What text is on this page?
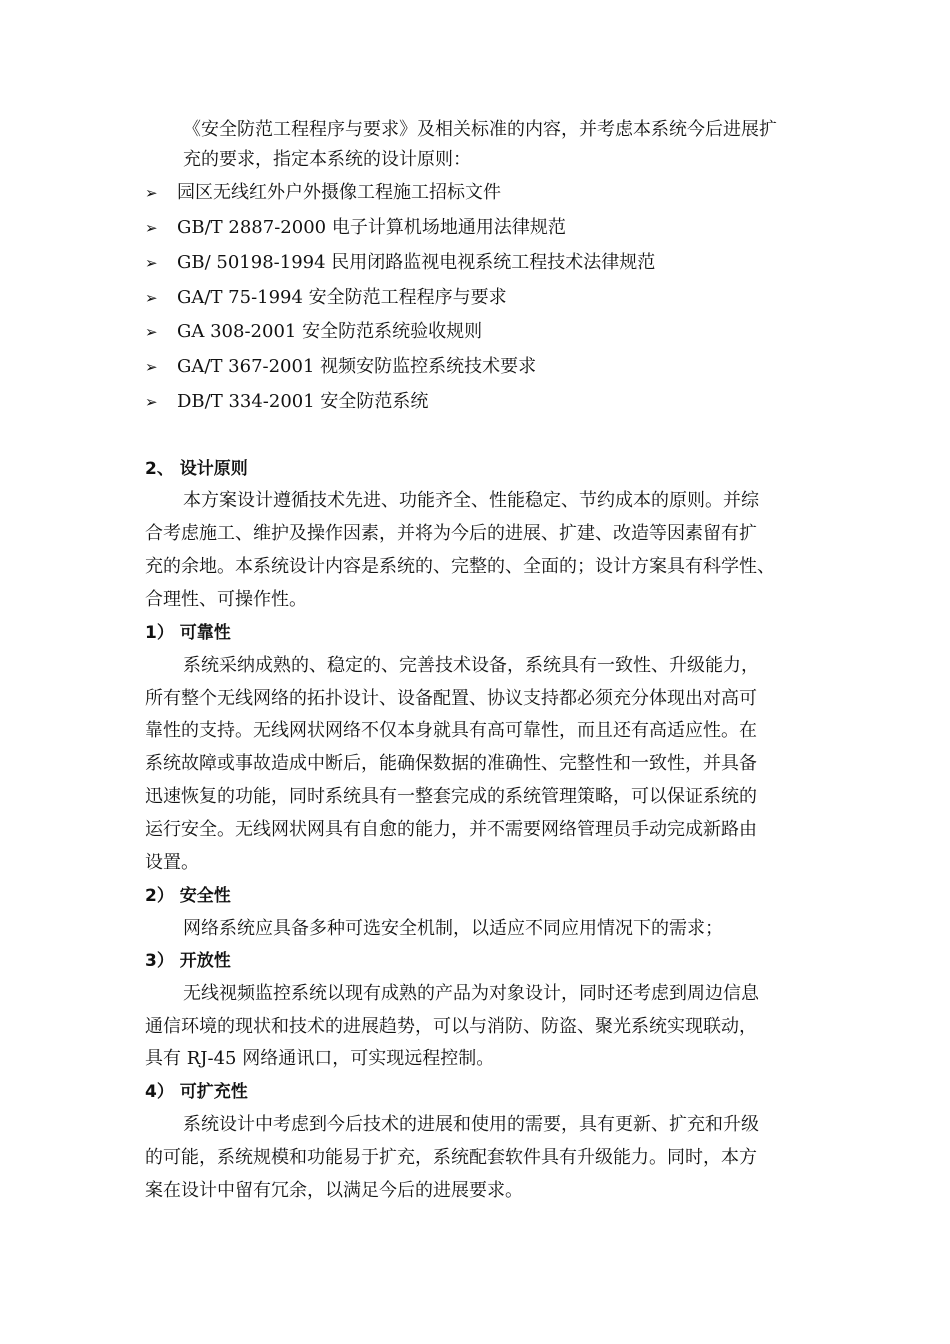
《安全防范工程程序与要求》及相关标准的内容，并考虑本系统今后进展扩
充的要求，指定本系统的设计原则：
➢ 园区无线红外户外摄像工程施工招标文件
➢ GB/T 2887-2000 电子计算机场地通用法律规范
➢ GB/ 50198-1994 民用闭路监视电视系统工程技术法律规范
➢ GA/T 75-1994 安全防范工程程序与要求
➢ GA 308-2001 安全防范系统验收规则
➢ GA/T 367-2001 视频安防监控系统技术要求
➢ DB/T 334-2001 安全防范系统
2、 设计原则
本方案设计遵循技术先进、功能齐全、性能稳定、节约成本的原则。并综
合考虑施工、维护及操作因素，并将为今后的进展、扩建、改造等因素留有扩
充的余地。本系统设计内容是系统的、完整的、全面的；设计方案具有科学性、
合理性、可操作性。
1） 可靠性
系统采纳成熟的、稳定的、完善技术设备，系统具有一致性、升级能力，
所有整个无线网络的拓扑设计、设备配置、协议支持都必须充分体现出对高可
靠性的支持。无线网状网络不仅本身就具有高可靠性，而且还有高适应性。在
系统故障或事故造成中断后，能确保数据的准确性、完整性和一致性，并具备
迅速恢复的功能，同时系统具有一整套完成的系统管理策略，可以保证系统的
运行安全。无线网状网具有自愈的能力，并不需要网络管理员手动完成新路由
设置。
2） 安全性
网络系统应具备多种可选安全机制，以适应不同应用情况下的需求；
3） 开放性
无线视频监控系统以现有成熟的产品为对象设计，同时还考虑到周边信息
通信环境的现状和技术的进展趋势，可以与消防、防盗、聚光系统实现联动，
具有 RJ-45 网络通讯口，可实现远程控制。
4） 可扩充性
系统设计中考虑到今后技术的进展和使用的需要，具有更新、扩充和升级
的可能，系统规模和功能易于扩充，系统配套软件具有升级能力。同时，本方
案在设计中留有冗余，以满足今后的进展要求。
